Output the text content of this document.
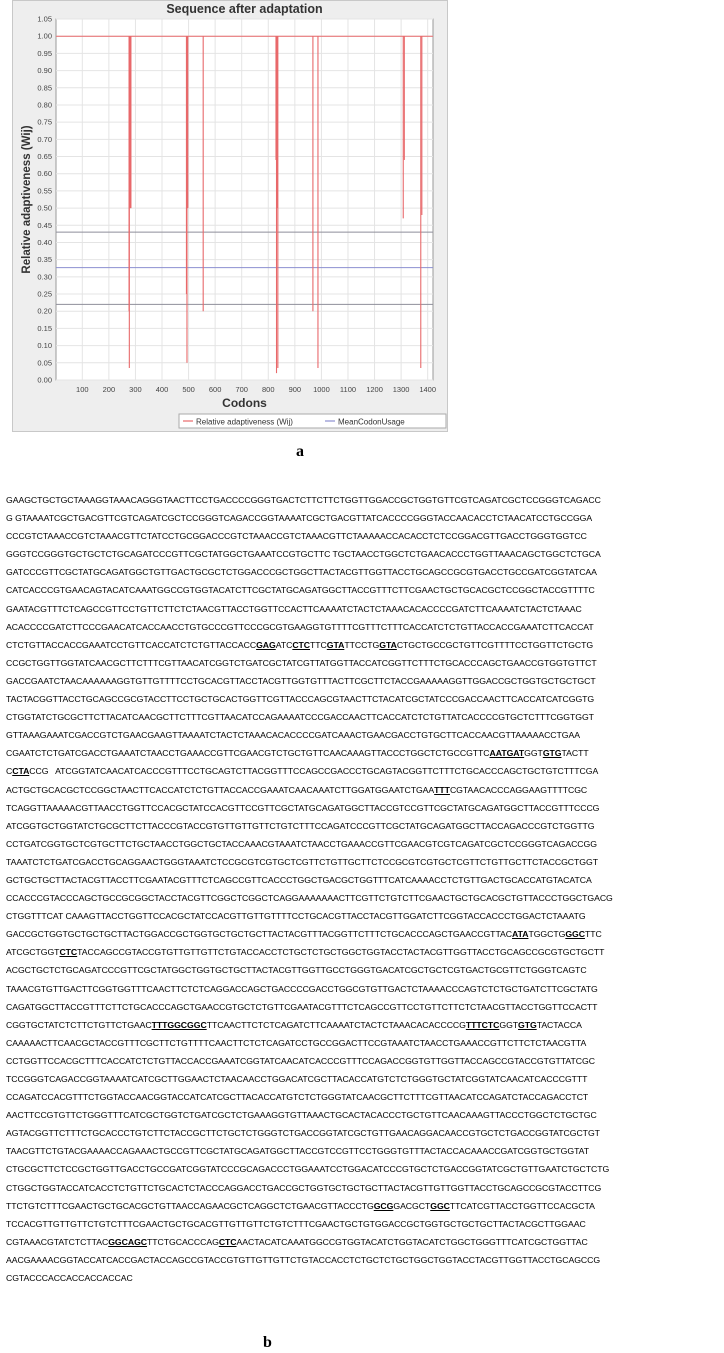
100 200 300 400 500 600 700 800 900 1000 1100 1200 1300 1400
0.00
0.05
0.10
0.15
0.20
0.25
0.30
0.35
0.40
0.45
0.50
0.55
0.60
0.65
0.70
0.75
0.80
0.85
0.90
0.95
1.00
1.05
Sequence after adaptation
Codons
Relative adaptiveness (Wij)
Relative adaptiveness (Wij)	MeanCodonUsage
a
GAAGCTGCTGCTAAAGGTAAACAGGGTAACTTCCTGACCCCGGGTGACTCTTCTTCTGGTTGGACCGCTGGTGTTCGTCAGATCGCTCCGGGTCAGACC
G GTAAAATCGCTGACGTTCGTCAGATCGCTCCGGGTCAGACCGGTAAAATCGCTGACGTTATCACCCCGGGTACCAACACCTCTAACATCCTGCCGGA
CCCGTCTAAACCGTCTAAACGTTCTATCCTGCGGACCCGTCTAAACCGTCTAAACGTTCTAAAAACCACACCTCTCCGGACGTTGACCTGGGTGGTCC
GGGTCCGGGTGCTGCTCTGCAGATCCCGTTCGCTATGGCTGAAATCCGTGCTTC TGCTAACCTGGCTCTGAACACCCTGGTTAAACAGCTGGCTCTGCA
GATCCCGTTCGCTATGCAGATGGCTGTTGACTGCGCTCTGGACCCGCTGGCTTACTACGTTGGTTACCTGCAGCCGCGTGACCTGCCGATCGGTATCAA
CATCACCCGTGAACAGTACATCAAATGGCCGTGGTACATCTTCGCTATGCAGATGGCTTACCGTTTCTTCGAACTGCTGCACGCTCCGGCTACCGTTTTC
GAATACGTTTCTCAGCCGTTCCTGTTCTTCTCTAACGTTACCTGGTTCCACTTCAAAATCTACTCTAAACACACCCCGATCTTCAAAATCTACTCTAAAC
ACACCCCGATCTTCCCGAACATCACCAACCTGTGCCCGTTCCCGCGTGAAGGTGTTTTCGTTTCTTTCACCATCTCTGTTACCACCGAAATCTTCACCAT
CTCTGTTACCACCGAAATCCTGTTCACCATCTCTGTTACCACCGAGATCCTCTTCGTATTCCTGGTACTGCTGCCGCTGTTCGTTTTCCTGGTTCTGCTG
CCGCTGGTTGGTATCAACGCTTCTTTCGTTAACATCGGTCTGATCGCTATCGTTATGGTTACCATCGGTTCTTTCTGCACCCAGCTGAACCGTGGTGTTCT
GACCGAATCTAACAAAAAAGGTGTTGTTTTCCTGCACGTTACCTACGTTGGTGTTTACTTCGCTTCTACCGAAAAAGGTTGGACCGCTGGTGCTGCTGCT
TACTACGGTTACCTGCAGCCGCGTACCTTCCTGCTGCACTGGTTCGTTACCCAGCGTAACTTCTACATCGCTATCCCGACCAACTTCACCATCATCGGTG
CTGGTATCTGCGCTTCTTACATCAACGCTTCTTTCGTTAACATCCAGAAAATCCCGACCAACTTCACCATCTCTGTTATCACCCCGTGCTCTTTCGGTGGT
GTTAAAGAAATCGACCGTCTGAACGAAGTTAAAATCTACTCTAAACACACCCCGATCAAACTGAACGACCTGTGCTTCACCAACGTTAAAAACCTGAA
CGAATCTCTGATCGACCTGAAATCTAACCTGAAACCGTTCGAACGTCTGCTGTTCAACAAAGTTACCCTGGCTCTGCCGTTCAATGATGGTGTGTACTT
CCTACCG   ATCGGTATCAACATCACCCGTTTCCTGCAGTCTTACGGTTTCCAGCCGACCCTGCAGTACGGTTCTTTCTGCACCCAGCTGCTGTCTTTCGA
ACTGCTGCACGCTCCGGCTAACTTCACCATCTCTGTTACCACCGAAATCAACAAATCTTGGATGGAATCTGAATTTCGTAACACCCAGGAAGTTTTCGC
TCAGGTTAAAAACGTTAACCTGGTTCCACGCTATCCACGTTCCGTTCGCTATGCAGATGGCTTACCGTCCGTTCGCTATGCAGATGGCTTACCGTTTCCCG
ATCGGTGCTGGTATCTGCGCTTCTTACCCGTACCGTGTTGTTGTTCTGTCTTTCCAGATCCCGTTCGCTATGCAGATGGCTTACCAGACCCGTCTGGTTG
CCTGATCGGTGCTCGTGCTTCTGCTAACCTGGCTGCTACCAAACGTAAATCTAACCTGAAACCGTTCGAACGTCGTCAGATCGCTCCGGGTCAGACCGG
TAAATCTCTGATCGACCTGCAGGAACTGGGTAAATCTCCGCGTCGTGCTCGTTCTGTTGCTTCTCCGCGTCGTGCTCGTTCTGTTGCTTCTACCGCTGGT
GCTGCTGCTTACTACGTTACCTTCGAATACGTTTCTCAGCCGTTCACCCTGGCTGACGCTGGTTTCATCAAAACCTCTGTTGACTGCACCATGTACATCA
CCACCCGTACCCAGCTGCCGCGGCTACCTACGTTCGGCTCGGCTCAGGAAAAAAACTTCGTTCTGTCTTCGAACTGCTGCACGCTGTTACCCTGGCTGACG
CTGGTTTCAT CAAAGTTACCTGGTTCCACGCTATCCACGTTGTTGTTTTCCTGCACGTTACCTACGTTGGATCTTCGGTACCACCCTGGACTCTAAATG
GACCGCTGGTGCTGCTGCTTACTGGACCGCTGGTGCTGCTGCTTACTACGTTTACGGTTCTTTCTGCACCCAGCTGAACCGTTACATATGGCTGGGCTTC
ATCGCTGGTCTCTACCAGCCGTACCGTGTTGTTGTTCTGTACCACCTCTGCTCTGCTGGCTGGTACCTACTACGTTGGTTACCTGCAGCCGCGTGCTGCTT
ACGCTGCTCTGCAGATCCCGTTCGCTATGGCTGGTGCTGCTTACTACGTTGGTTGCCTGGGTGACATCGCTGCTCGTGACTGCGTTCTGGGTCAGTC
TAAACGTGTTGACTTCGGTGGTTTCAACTTCTCTCAGGACCAGCTGACCCCGACCTGGCGTGTTGACTCTAAAACCCAGTCTCTGCTGATCTTCGCTATG
CAGATGGCTTACCGTTTCTTCTGCACCCAGCTGAACCGTGCTCTGTTCGAATACGTTTCTCAGCCGTTCCTGTTCTTCTCTAACGTTACCTGGTTCCACTT
CGGTGCTATCTCTTCTGTTCTGAACTTTGGCGGCTTCAACTTCTCTCAGATCTTCAAAATCTACTCTAAACACACCCCGTTTCTCGGTGTGTACTACCA
CAAAAACTTCAACGCTACCGTTTCGCTTCTGTTTTCAACTTCTCTCAGATCCTGCCGGACTTCCGTAAATCTAACCTGAAACCGTTCTTCTCTAACGTTA
CCTGGTTCCACGCTTTCACCATCTCTGTTACCACCGAAATCGGTATCAACATCACCCGTTTCCAGACCGGTGTTGGTTACCAGCCGTACCGTGTTATCGC
TCCGGGTCAGACCGGTAAAATCATCGCTTGGAACTCTAACAACCTGGACATCGCTTACACCATGTCTCTGGGTGCTATCGGTATCAACATCACCCGTTT
CCAGATCCACGTTTCTGGTACCAACGGTACCATCATCGCTTACACCATGTCTCTGGGTATCAACGCTTCTTTCGTTAACATCCAGATCTACCAGACCTCT
AACTTCCGTGTTCTGGGTTTCATCGCTGGTCTGATCGCTCTGAAAGGTGTTAAACTGCACTACACCCTGCTGTTCAACAAAGTTACCCTGGCTCTGCTGC
AGTACGGTTCTTTCTGCACCCTGTCTTCTACCGCTTCTGCTCTGGGTCTGACCGGTATCGCTGTTGAACAGGACAACCGTGCTCTGACCGGTATCGCTGT
TAACGTTCTGTACGAAAACCAGAAACTGCCGTTCGCTATGCAGATGGCTTACCGTCCGTTCCTGGGTGTTTACTACCACAAACCGATCGGTGCTGGTAT
CTGCGCTTCTCCGCTGGTTGACCTGCCGATCGGTATCCCGCAGACCCTGGAAATCCTGGACATCCCGTGCTCTGACCGGTATCGCTGTTGAATCTGCTCTG
CTGGCTGGTACCATCACCTCTGTTCTGCACTCTACCCAGGACCTGACCGCTGGTGCTGCTGCTTACTACGTTGTTGGTTACCTGCAGCCGCGTACCTTCG
TTCTGTCTTTCGAACTGCTGCACGCTGTTAACCAGAACGCTCAGGCTCTGAACGTTACCCTGGCGGACGCTGGCTTCATCGTTACCTGGTTCCACGCTA
TCCACGTTGTTGTTCTGTCTTTCGAACTGCTGCACGTTGTTGTTCTGTCTTTCGAACTGCTGTGGACCGCTGGTGCTGCTGCTTACTACGCTTGGAAC
CGTAAACGTATCTCTTACGGCAGCTTCTGCACCCAGCTCAACTACATCAAATGGCCGTGGTACATCTGGTACATCTGGCTGGGTTTCATCGCTGGTTAC
AACGAAAACGGTACCATCACCGACTACCAGCCGTACCGTGTTGTTGTTCTGTACCACCTCTGCTCTGCTGGCTGGTACCTACGTTGGTTACCTGCAGCCG
CGTACCCACCACCACCACCAC
b
